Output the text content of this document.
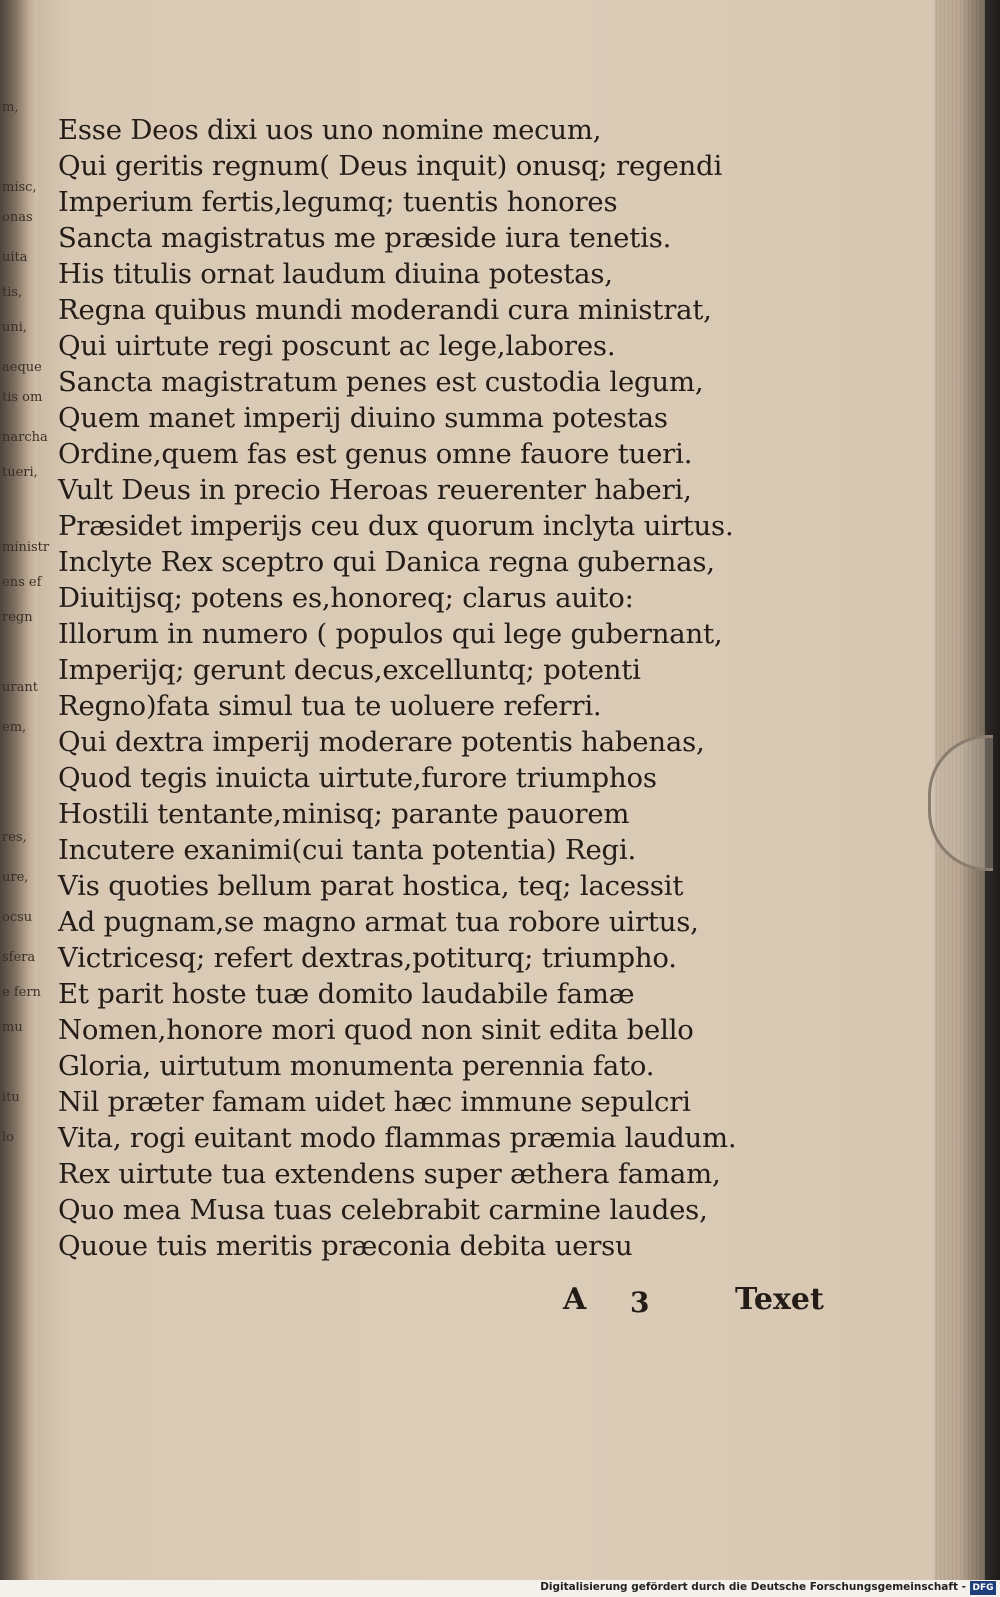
m,
misc,
onas
uita
tis,
uni,
aeque
tis om
narcha
tueri,
ministr
ens ef
regn
urant
em,
res,
ure,
ocsu
sfera
e fern
mu
itu
lo
Esse Deos dixi uos uno nomine mecum,
Qui geritis regnum( Deus inquit) onusq; regendi
Imperium fertis,legumq; tuentis honores
Sancta magistratus me præside iura tenetis.
His titulis ornat laudum diuina potestas,
Regna quibus mundi moderandi cura ministrat,
Qui uirtute regi poscunt ac lege,labores.
Sancta magistratum penes est custodia legum,
Quem manet imperij diuino summa potestas
Ordine,quem fas est genus omne fauore tueri.
Vult Deus in precio Heroas reuerenter haberi,
Præsidet imperijs ceu dux quorum inclyta uirtus.
Inclyte Rex sceptro qui Danica regna gubernas,
Diuitijsq; potens es,honoreq; clarus auito:
Illorum in numero ( populos qui lege gubernant,
Imperijq; gerunt decus,excelluntq; potenti
Regno)fata simul tua te uoluere referri.
Qui dextra imperij moderare potentis habenas,
Quod tegis inuicta uirtute,furore triumphos
Hostili tentante,minisq; parante pauorem
Incutere exanimi(cui tanta potentia) Regi.
Vis quoties bellum parat hostica, teq; lacessit
Ad pugnam,se magno armat tua robore uirtus,
Victricesq; refert dextras,potiturq; triumpho.
Et parit hoste tuæ domito laudabile famæ
Nomen,honore mori quod non sinit edita bello
Gloria, uirtutum monumenta perennia fato.
Nil præter famam uidet hæc immune sepulcri
Vita, rogi euitant modo flammas præmia laudum.
Rex uirtute tua extendens super æthera famam,
Quo mea Musa tuas celebrabit carmine laudes,
Quoue tuis meritis præconia debita uersu
A 3	Texet
Digitalisierung gefördert durch die Deutsche Forschungsgemeinschaft - DFG
